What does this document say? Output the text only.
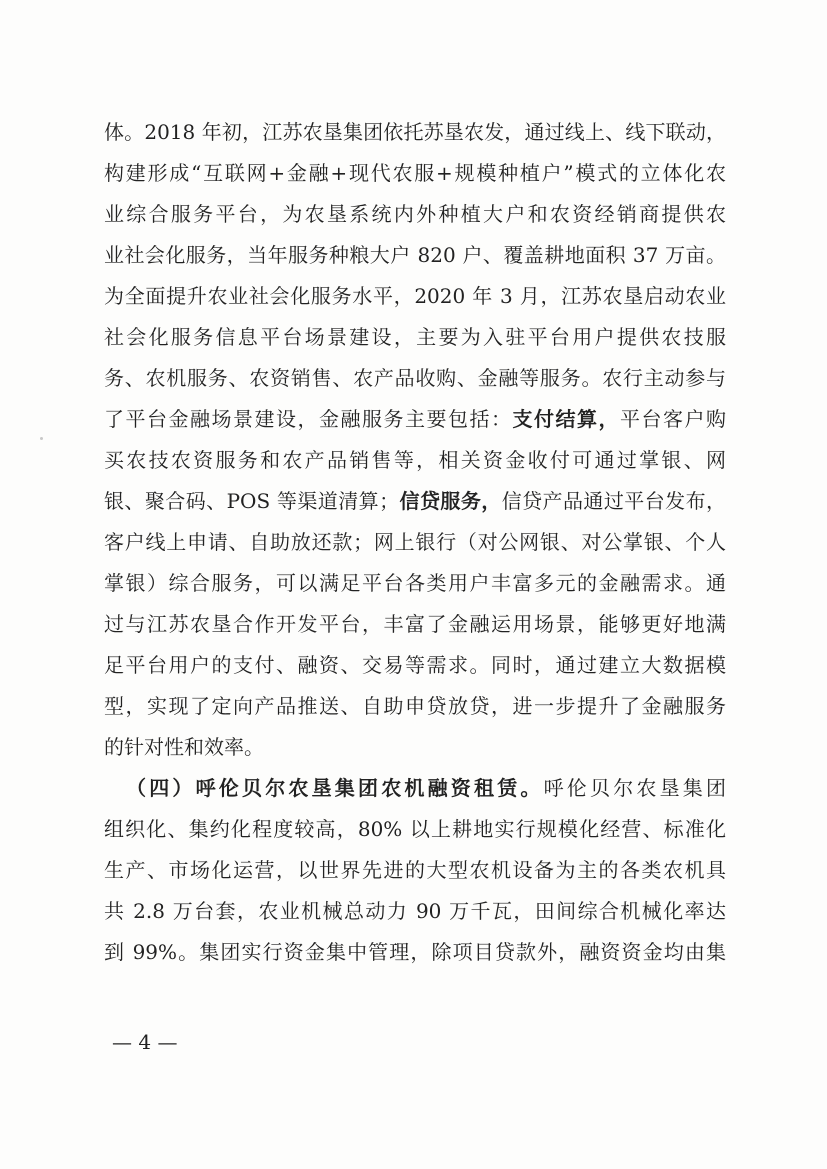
体。2018 年初，江苏农垦集团依托苏垦农发，通过线上、线下联动，
构建形成“互联网+金融+现代农服+规模种植户”模式的立体化农
业综合服务平台，为农垦系统内外种植大户和农资经销商提供农
业社会化服务，当年服务种粮大户 820 户、覆盖耕地面积 37 万亩。
为全面提升农业社会化服务水平，2020 年 3 月，江苏农垦启动农业
社会化服务信息平台场景建设，主要为入驻平台用户提供农技服
务、农机服务、农资销售、农产品收购、金融等服务。农行主动参与
了平台金融场景建设，金融服务主要包括：支付结算，平台客户购
买农技农资服务和农产品销售等，相关资金收付可通过掌银、网
银、聚合码、POS 等渠道清算；信贷服务，信贷产品通过平台发布，
客户线上申请、自助放还款；网上银行（对公网银、对公掌银、个人
掌银）综合服务，可以满足平台各类用户丰富多元的金融需求。通
过与江苏农垦合作开发平台，丰富了金融运用场景，能够更好地满
足平台用户的支付、融资、交易等需求。同时，通过建立大数据模
型，实现了定向产品推送、自助申贷放贷，进一步提升了金融服务
的针对性和效率。
（四）呼伦贝尔农垦集团农机融资租赁。呼伦贝尔农垦集团
组织化、集约化程度较高，80% 以上耕地实行规模化经营、标准化
生产、市场化运营，以世界先进的大型农机设备为主的各类农机具
共 2.8 万台套，农业机械总动力 90 万千瓦，田间综合机械化率达
到 99%。集团实行资金集中管理，除项目贷款外，融资资金均由集
— 4 —
